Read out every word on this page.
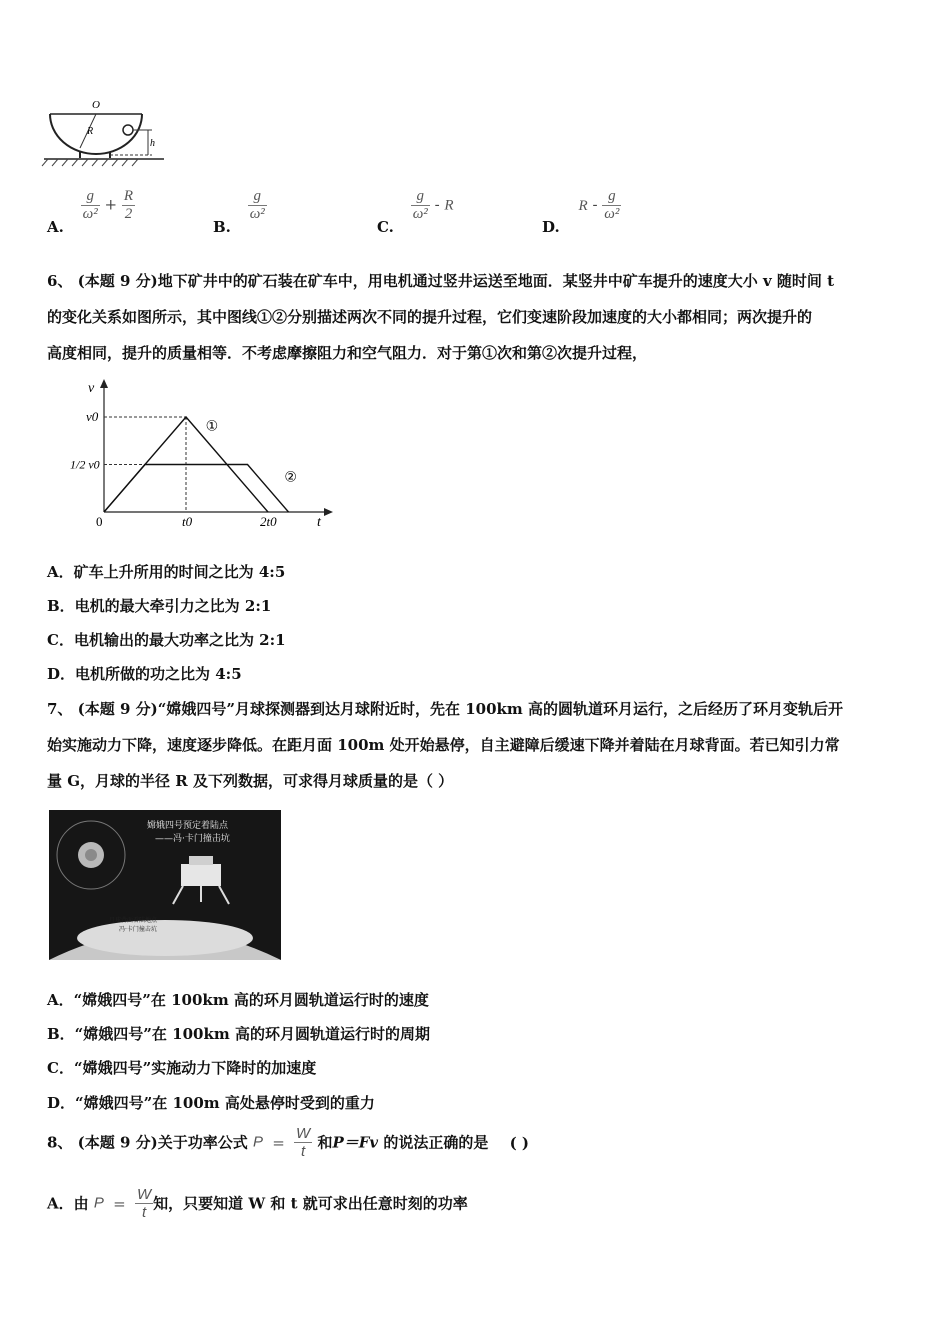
O
R
h
A.
$\frac{g}{\text{ω²}} + \frac{R}{2}$
B.
$\frac{g}{\text{ω²}}$
C.
$\frac{g}{\text{ω²}}$ - R
D. R - $\frac{g}{\text{ω²}}$
6、 (本题 9 分)地下矿井中的矿石装在矿车中，用电机通过竖井运送至地面．某竖井中矿车提升的速度大小 v 随时间 t
的变化关系如图所示，其中图线①②分别描述两次不同的提升过程，它们变速阶段加速度的大小都相同；两次提升的
高度相同，提升的质量相等．不考虑摩擦阻力和空气阻力．对于第①次和第②次提升过程，
v
t
①
②
0	t0	2t0
v0
1/2 v0
A．矿车上升所用的时间之比为 4:5
B．电机的最大牵引力之比为 2:1
C．电机输出的最大功率之比为 2:1
D．电机所做的功之比为 4:5
7、 (本题 9 分)“嫦娥四号”月球探测器到达月球附近时，先在 100km 高的圆轨道环月运行，之后经历了环月变轨后开
始实施动力下降，速度逐步降低。在距月面 100m 处开始悬停，自主避障后缓速下降并着陆在月球背面。若已知引力常
量 G，月球的半径 R 及下列数据，可求得月球质量的是（ ）
嫦娥四号预定着陆点
——冯·卡门撞击坑
月球背面着陆地点
冯·卡门撞击坑
A．“嫦娥四号”在 100km 高的环月圆轨道运行时的速度
B．“嫦娥四号”在 100km 高的环月圆轨道运行时的周期
C．“嫦娥四号”实施动力下降时的加速度
D．“嫦娥四号”在 100m 高处悬停时受到的重力
8、 (本题 9 分)关于功率公式 $P = \frac{W}{t}$ 和P＝Fv 的说法正确的是 ( )
A．由 $P = \frac{W}{t}$ 知，只要知道 W 和 t 就可求出任意时刻的功率
